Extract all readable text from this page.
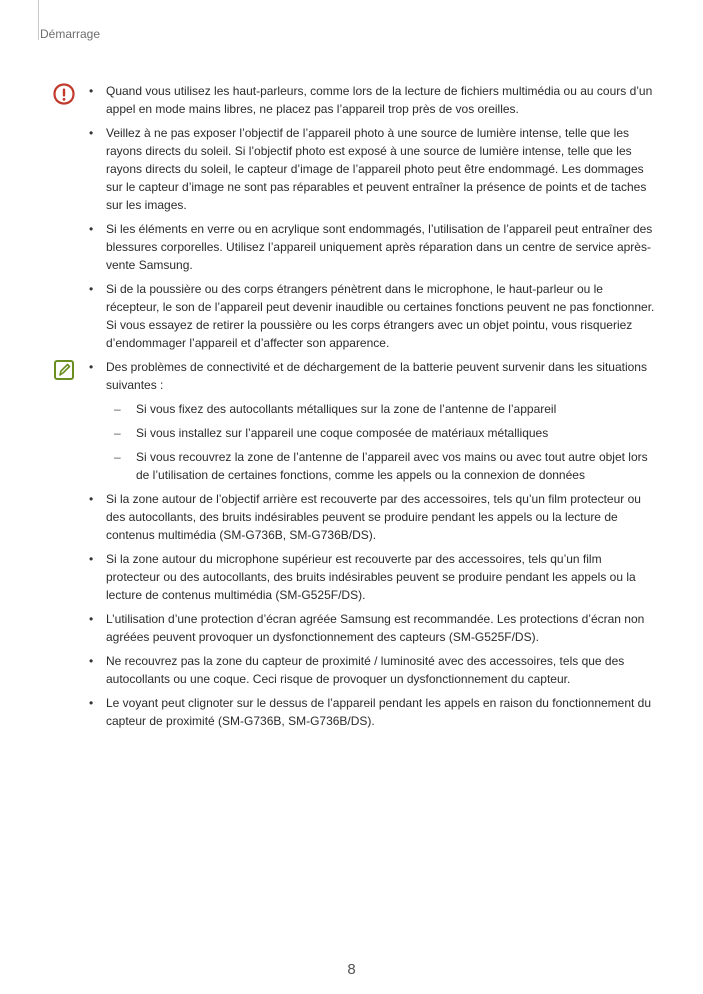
Démarrage
• Quand vous utilisez les haut-parleurs, comme lors de la lecture de fichiers multimédia ou au cours d’un appel en mode mains libres, ne placez pas l’appareil trop près de vos oreilles.
• Veillez à ne pas exposer l’objectif de l’appareil photo à une source de lumière intense, telle que les rayons directs du soleil. Si l’objectif photo est exposé à une source de lumière intense, telle que les rayons directs du soleil, le capteur d’image de l’appareil photo peut être endommagé. Les dommages sur le capteur d’image ne sont pas réparables et peuvent entraîner la présence de points et de taches sur les images.
• Si les éléments en verre ou en acrylique sont endommagés, l’utilisation de l’appareil peut entraîner des blessures corporelles. Utilisez l’appareil uniquement après réparation dans un centre de service après-vente Samsung.
• Si de la poussière ou des corps étrangers pénètrent dans le microphone, le haut-parleur ou le récepteur, le son de l’appareil peut devenir inaudible ou certaines fonctions peuvent ne pas fonctionner. Si vous essayez de retirer la poussière ou les corps étrangers avec un objet pointu, vous risqueriez d’endommager l’appareil et d’affecter son apparence.
• Des problèmes de connectivité et de déchargement de la batterie peuvent survenir dans les situations suivantes :
– Si vous fixez des autocollants métalliques sur la zone de l’antenne de l’appareil
– Si vous installez sur l’appareil une coque composée de matériaux métalliques
– Si vous recouvrez la zone de l’antenne de l’appareil avec vos mains ou avec tout autre objet lors de l’utilisation de certaines fonctions, comme les appels ou la connexion de données
• Si la zone autour de l’objectif arrière est recouverte par des accessoires, tels qu’un film protecteur ou des autocollants, des bruits indésirables peuvent se produire pendant les appels ou la lecture de contenus multimédia (SM-G736B, SM-G736B/DS).
• Si la zone autour du microphone supérieur est recouverte par des accessoires, tels qu’un film protecteur ou des autocollants, des bruits indésirables peuvent se produire pendant les appels ou la lecture de contenus multimédia (SM-G525F/DS).
• L’utilisation d’une protection d’écran agréée Samsung est recommandée. Les protections d’écran non agréées peuvent provoquer un dysfonctionnement des capteurs (SM-G525F/DS).
• Ne recouvrez pas la zone du capteur de proximité / luminosité avec des accessoires, tels que des autocollants ou une coque. Ceci risque de provoquer un dysfonctionnement du capteur.
• Le voyant peut clignoter sur le dessus de l’appareil pendant les appels en raison du fonctionnement du capteur de proximité (SM-G736B, SM-G736B/DS).
8
